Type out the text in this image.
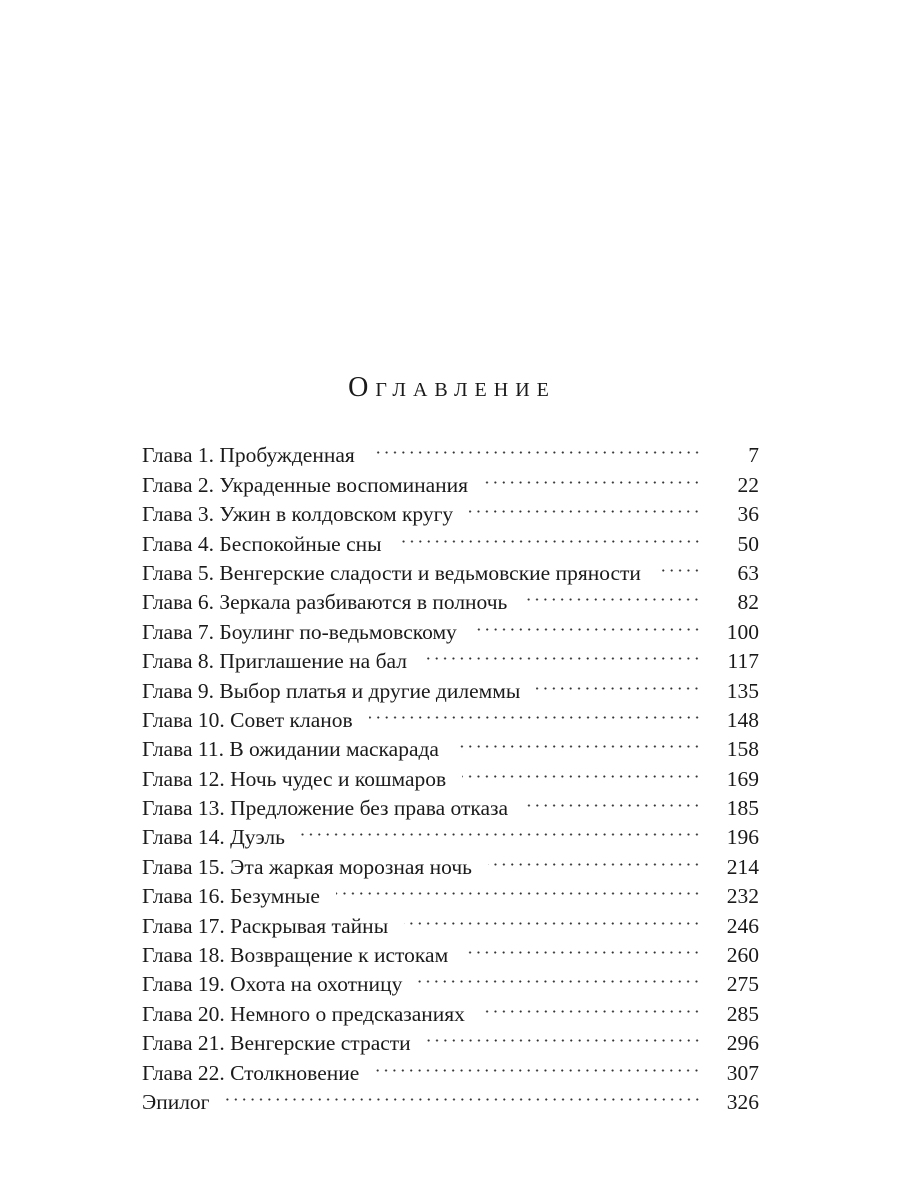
Оглавление
Глава 1. Пробужденная	7
Глава 2. Украденные воспоминания	22
Глава 3. Ужин в колдовском кругу	36
Глава 4. Беспокойные сны	50
Глава 5. Венгерские сладости и ведьмовские пряности	63
Глава 6. Зеркала разбиваются в полночь	82
Глава 7. Боулинг по-ведьмовскому	100
Глава 8. Приглашение на бал	117
Глава 9. Выбор платья и другие дилеммы	135
Глава 10. Совет кланов	148
Глава 11. В ожидании маскарада	158
Глава 12. Ночь чудес и кошмаров	169
Глава 13. Предложение без права отказа	185
Глава 14. Дуэль	196
Глава 15. Эта жаркая морозная ночь	214
Глава 16. Безумные	232
Глава 17. Раскрывая тайны	246
Глава 18. Возвращение к истокам	260
Глава 19. Охота на охотницу	275
Глава 20. Немного о предсказаниях	285
Глава 21. Венгерские страсти	296
Глава 22. Столкновение	307
Эпилог	326
